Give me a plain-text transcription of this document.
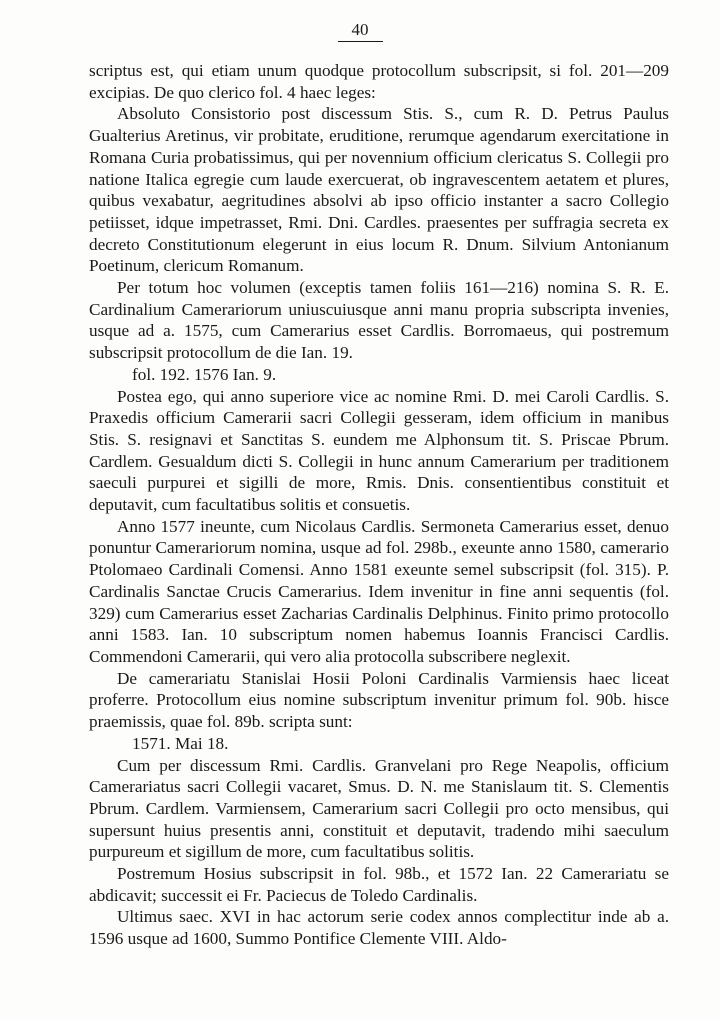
40

scriptus est, qui etiam unum quodque protocollum subscripsit, si fol. 201—209 excipias. De quo clerico fol. 4 haec leges:

Absoluto Consistorio post discessum Stis. S., cum R. D. Petrus Paulus Gualterius Aretinus, vir probitate, eruditione, rerumque agendarum exercitatione in Romana Curia probatissimus, qui per novennium officium clericatus S. Collegii pro natione Italica egregie cum laude exercuerat, ob ingravescentem aetatem et plures, quibus vexabatur, aegritudines absolvi ab ipso officio instanter a sacro Collegio petiisset, idque impetrasset, Rmi. Dni. Cardles. praesentes per suffragia secreta ex decreto Constitutionum elegerunt in eius locum R. Dnum. Silvium Antonianum Poetinum, clericum Romanum.

Per totum hoc volumen (exceptis tamen foliis 161—216) nomina S. R. E. Cardinalium Camerariorum uniuscuiusque anni manu propria subscripta invenies, usque ad a. 1575, cum Camerarius esset Cardlis. Borromaeus, qui postremum subscripsit protocollum de die Ian. 19.

fol. 192. 1576 Ian. 9.

Postea ego, qui anno superiore vice ac nomine Rmi. D. mei Caroli Cardlis. S. Praxedis officium Camerarii sacri Collegii gesseram, idem officium in manibus Stis. S. resignavi et Sanctitas S. eundem me Alphonsum tit. S. Priscae Pbrum. Cardlem. Gesualdum dicti S. Collegii in hunc annum Camerarium per traditionem saeculi purpurei et sigilli de more, Rmis. Dnis. consentientibus constituit et deputavit, cum facultatibus solitis et consuetis.

Anno 1577 ineunte, cum Nicolaus Cardlis. Sermoneta Camerarius esset, denuo ponuntur Camerariorum nomina, usque ad fol. 298b., exeunte anno 1580, camerario Ptolomaeo Cardinali Comensi. Anno 1581 exeunte semel subscripsit (fol. 315). P. Cardinalis Sanctae Crucis Camerarius. Idem invenitur in fine anni sequentis (fol. 329) cum Camerarius esset Zacharias Cardinalis Delphinus. Finito primo protocollo anni 1583. Ian. 10 subscriptum nomen habemus Ioannis Francisci Cardlis. Commendoni Camerarii, qui vero alia protocolla subscribere neglexit.

De camerariatu Stanislai Hosii Poloni Cardinalis Varmiensis haec liceat proferre. Protocollum eius nomine subscriptum invenitur primum fol. 90b. hisce praemissis, quae fol. 89b. scripta sunt:

1571. Mai 18.

Cum per discessum Rmi. Cardlis. Granvelani pro Rege Neapolis, officium Camerariatus sacri Collegii vacaret, Smus. D. N. me Stanislaum tit. S. Clementis Pbrum. Cardlem. Varmiensem, Camerarium sacri Collegii pro octo mensibus, qui supersunt huius presentis anni, constituit et deputavit, tradendo mihi saeculum purpureum et sigillum de more, cum facultatibus solitis.

Postremum Hosius subscripsit in fol. 98b., et 1572 Ian. 22 Camerariatu se abdicavit; successit ei Fr. Paciecus de Toledo Cardinalis.

Ultimus saec. XVI in hac actorum serie codex annos complectitur inde ab a. 1596 usque ad 1600, Summo Pontifice Clemente VIII. Aldo-
